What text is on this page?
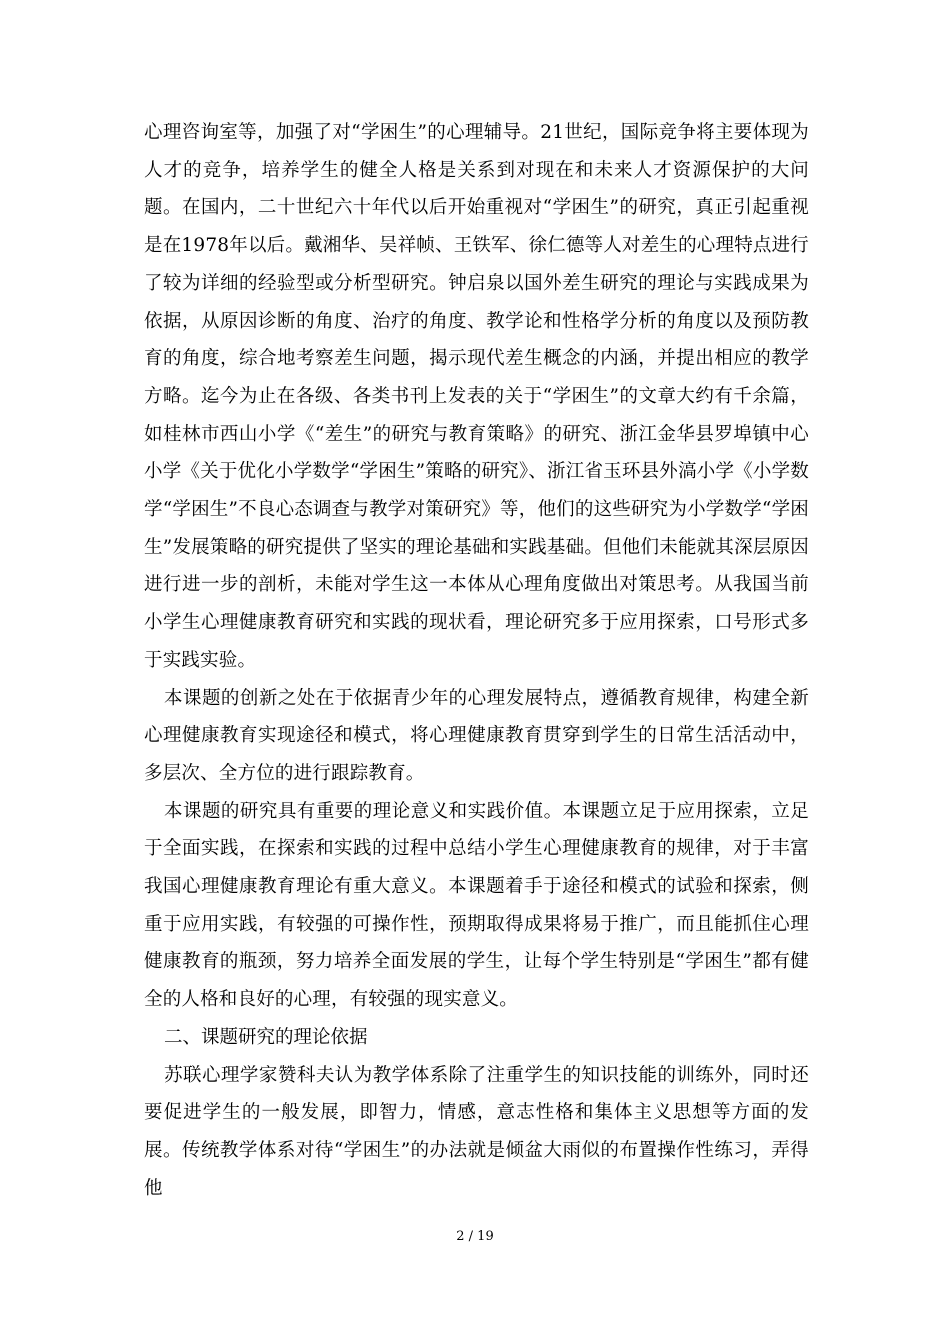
心理咨询室等，加强了对“学困生”的心理辅导。21世纪，国际竞争将主要体现为人才的竞争，培养学生的健全人格是关系到对现在和未来人才资源保护的大问题。在国内，二十世纪六十年代以后开始重视对“学困生”的研究，真正引起重视是在1978年以后。戴湘华、吴祥帧、王铁军、徐仁德等人对差生的心理特点进行了较为详细的经验型或分析型研究。钟启泉以国外差生研究的理论与实践成果为依据，从原因诊断的角度、治疗的角度、教学论和性格学分析的角度以及预防教育的角度，综合地考察差生问题，揭示现代差生概念的内涵，并提出相应的教学方略。迄今为止在各级、各类书刊上发表的关于“学困生”的文章大约有千余篇，如桂林市西山小学《“差生”的研究与教育策略》的研究、浙江金华县罗埠镇中心小学《关于优化小学数学“学困生”策略的研究》、浙江省玉环县外滈小学《小学数学“学困生”不良心态调查与教学对策研究》等，他们的这些研究为小学数学“学困生”发展策略的研究提供了坚实的理论基础和实践基础。但他们未能就其深层原因进行进一步的剖析，未能对学生这一本体从心理角度做出对策思考。从我国当前小学生心理健康教育研究和实践的现状看，理论研究多于应用探索，口号形式多于实践实验。

本课题的创新之处在于依据青少年的心理发展特点，遵循教育规律，构建全新心理健康教育实现途径和模式，将心理健康教育贯穿到学生的日常生活活动中，多层次、全方位的进行跟踪教育。

本课题的研究具有重要的理论意义和实践价值。本课题立足于应用探索，立足于全面实践，在探索和实践的过程中总结小学生心理健康教育的规律，对于丰富我国心理健康教育理论有重大意义。本课题着手于途径和模式的试验和探索，侧重于应用实践，有较强的可操作性，预期取得成果将易于推广，而且能抓住心理健康教育的瓶颈，努力培养全面发展的学生，让每个学生特别是“学困生”都有健全的人格和良好的心理，有较强的现实意义。

二、课题研究的理论依据

苏联心理学家赞科夫认为教学体系除了注重学生的知识技能的训练外，同时还要促进学生的一般发展，即智力，情感，意志性格和集体主义思想等方面的发展。传统教学体系对待“学困生”的办法就是倾盆大雨似的布置操作性练习，弄得他

2 / 19
